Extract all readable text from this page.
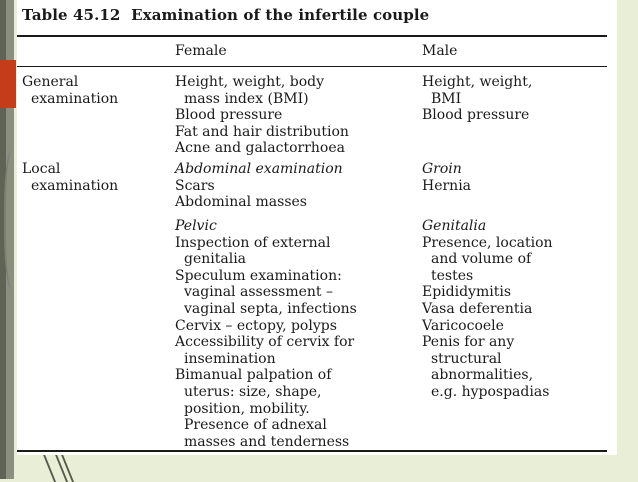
Table 45.12 Examination of the infertile couple
Female	Male
General
examination
Height, weight, body
mass index (BMI)
Blood pressure
Fat and hair distribution
Acne and galactorrhoea
Height, weight,
BMI
Blood pressure
Local
examination
Abdominal examination
Scars
Abdominal masses
Groin
Hernia
Pelvic
Inspection of external
genitalia
Speculum examination:
vaginal assessment –
vaginal septa, infections
Cervix – ectopy, polyps
Accessibility of cervix for
insemination
Bimanual palpation of
uterus: size, shape,
position, mobility.
Presence of adnexal
masses and tenderness
Genitalia
Presence, location
and volume of
testes
Epididymitis
Vasa deferentia
Varicocoele
Penis for any
structural
abnormalities,
e.g. hypospadias
